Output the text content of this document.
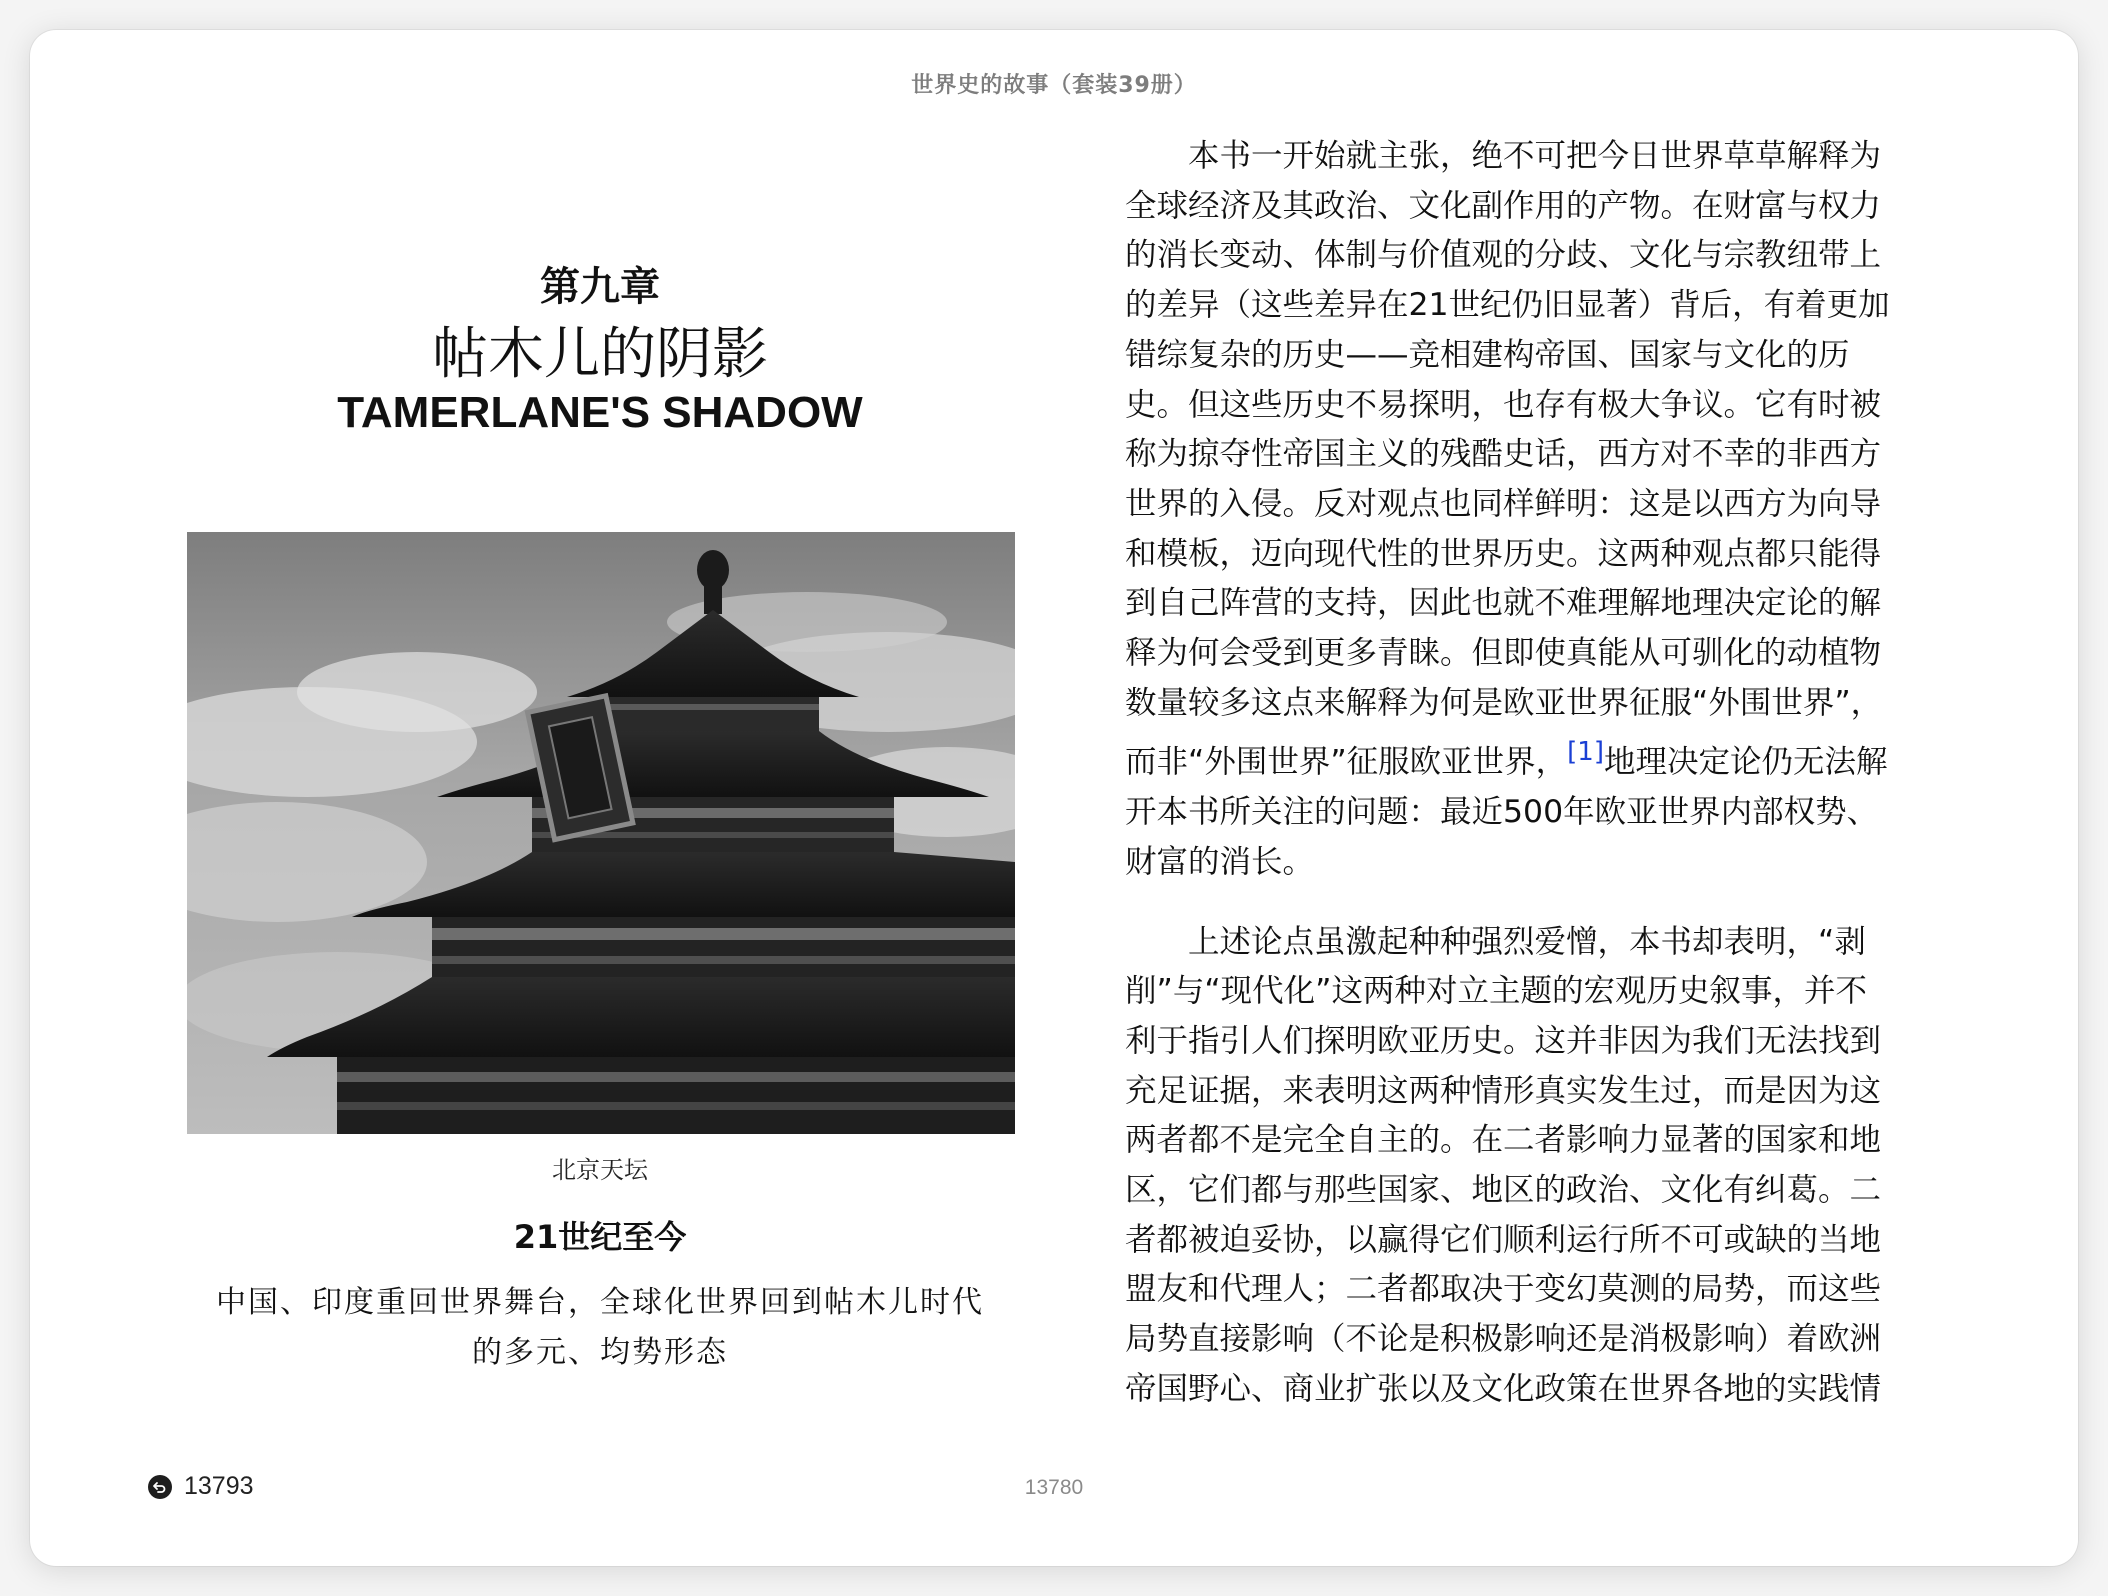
世界史的故事（套装39册）
第九章
帖木儿的阴影
TAMERLANE'S SHADOW
北京天坛
21世纪至今
中国、印度重回世界舞台，全球化世界回到帖木儿时代
的多元、均势形态

本书一开始就主张，绝不可把今日世界草草解释为
全球经济及其政治、文化副作用的产物。在财富与权力
的消长变动、体制与价值观的分歧、文化与宗教纽带上
的差异（这些差异在21世纪仍旧显著）背后，有着更加
错综复杂的历史——竞相建构帝国、国家与文化的历
史。但这些历史不易探明，也存有极大争议。它有时被
称为掠夺性帝国主义的残酷史话，西方对不幸的非西方
世界的入侵。反对观点也同样鲜明：这是以西方为向导
和模板，迈向现代性的世界历史。这两种观点都只能得
到自己阵营的支持，因此也就不难理解地理决定论的解
释为何会受到更多青睐。但即使真能从可驯化的动植物
数量较多这点来解释为何是欧亚世界征服“外围世界”，
而非“外围世界”征服欧亚世界，[1]地理决定论仍无法解
开本书所关注的问题：最近500年欧亚世界内部权势、
财富的消长。

上述论点虽激起种种强烈爱憎，本书却表明，“剥
削”与“现代化”这两种对立主题的宏观历史叙事，并不
利于指引人们探明欧亚历史。这并非因为我们无法找到
充足证据，来表明这两种情形真实发生过，而是因为这
两者都不是完全自主的。在二者影响力显著的国家和地
区，它们都与那些国家、地区的政治、文化有纠葛。二
者都被迫妥协，以赢得它们顺利运行所不可或缺的当地
盟友和代理人；二者都取决于变幻莫测的局势，而这些
局势直接影响（不论是积极影响还是消极影响）着欧洲
帝国野心、商业扩张以及文化政策在世界各地的实践情

13793	13780
